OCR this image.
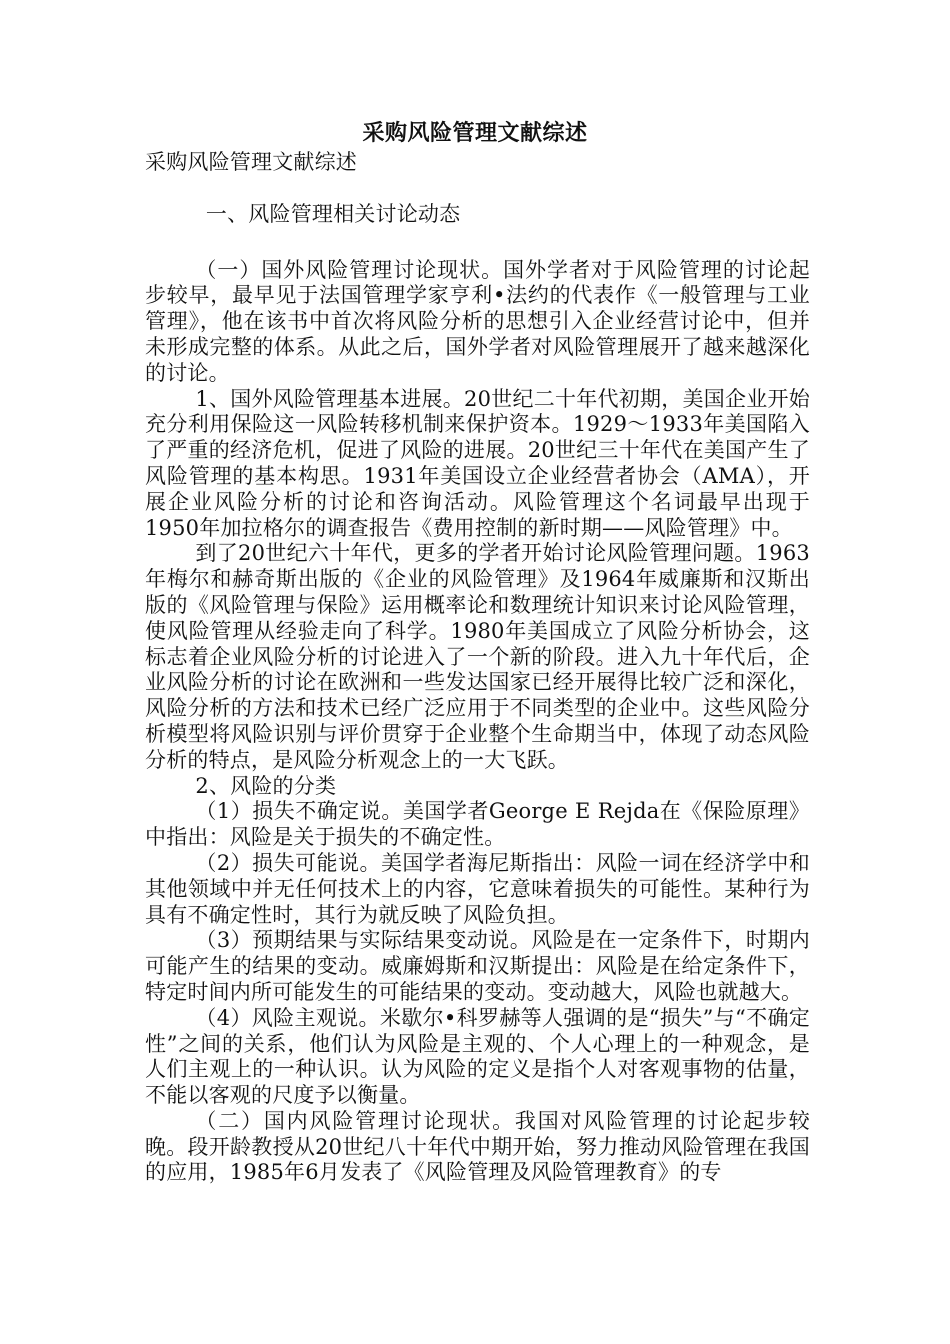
采购风险管理文献综述

采购风险管理文献综述

一、风险管理相关讨论动态

（一）国外风险管理讨论现状。国外学者对于风险管理的讨论起步较早，最早见于法国管理学家亨利•法约的代表作《一般管理与工业管理》，他在该书中首次将风险分析的思想引入企业经营讨论中，但并未形成完整的体系。从此之后，国外学者对风险管理展开了越来越深化的讨论。

1、国外风险管理基本进展。20世纪二十年代初期，美国企业开始充分利用保险这一风险转移机制来保护资本。1929～1933年美国陷入了严重的经济危机，促进了风险的进展。20世纪三十年代在美国产生了风险管理的基本构思。1931年美国设立企业经营者协会（AMA），开展企业风险分析的讨论和咨询活动。风险管理这个名词最早出现于1950年加拉格尔的调查报告《费用控制的新时期——风险管理》中。

到了20世纪六十年代，更多的学者开始讨论风险管理问题。1963年梅尔和赫奇斯出版的《企业的风险管理》及1964年威廉斯和汉斯出版的《风险管理与保险》运用概率论和数理统计知识来讨论风险管理，使风险管理从经验走向了科学。1980年美国成立了风险分析协会，这标志着企业风险分析的讨论进入了一个新的阶段。进入九十年代后，企业风险分析的讨论在欧洲和一些发达国家已经开展得比较广泛和深化，风险分析的方法和技术已经广泛应用于不同类型的企业中。这些风险分析模型将风险识别与评价贯穿于企业整个生命期当中，体现了动态风险分析的特点，是风险分析观念上的一大飞跃。

2、风险的分类

（1）损失不确定说。美国学者George E Rejda在《保险原理》中指出：风险是关于损失的不确定性。

（2）损失可能说。美国学者海尼斯指出：风险一词在经济学中和其他领域中并无任何技术上的内容，它意味着损失的可能性。某种行为具有不确定性时，其行为就反映了风险负担。

（3）预期结果与实际结果变动说。风险是在一定条件下，时期内可能产生的结果的变动。威廉姆斯和汉斯提出：风险是在给定条件下，特定时间内所可能发生的可能结果的变动。变动越大，风险也就越大。

（4）风险主观说。米歇尔•科罗赫等人强调的是“损失”与“不确定性”之间的关系，他们认为风险是主观的、个人心理上的一种观念，是人们主观上的一种认识。认为风险的定义是指个人对客观事物的估量，不能以客观的尺度予以衡量。

（二）国内风险管理讨论现状。我国对风险管理的讨论起步较晚。段开龄教授从20世纪八十年代中期开始，努力推动风险管理在我国的应用，1985年6月发表了《风险管理及风险管理教育》的专
